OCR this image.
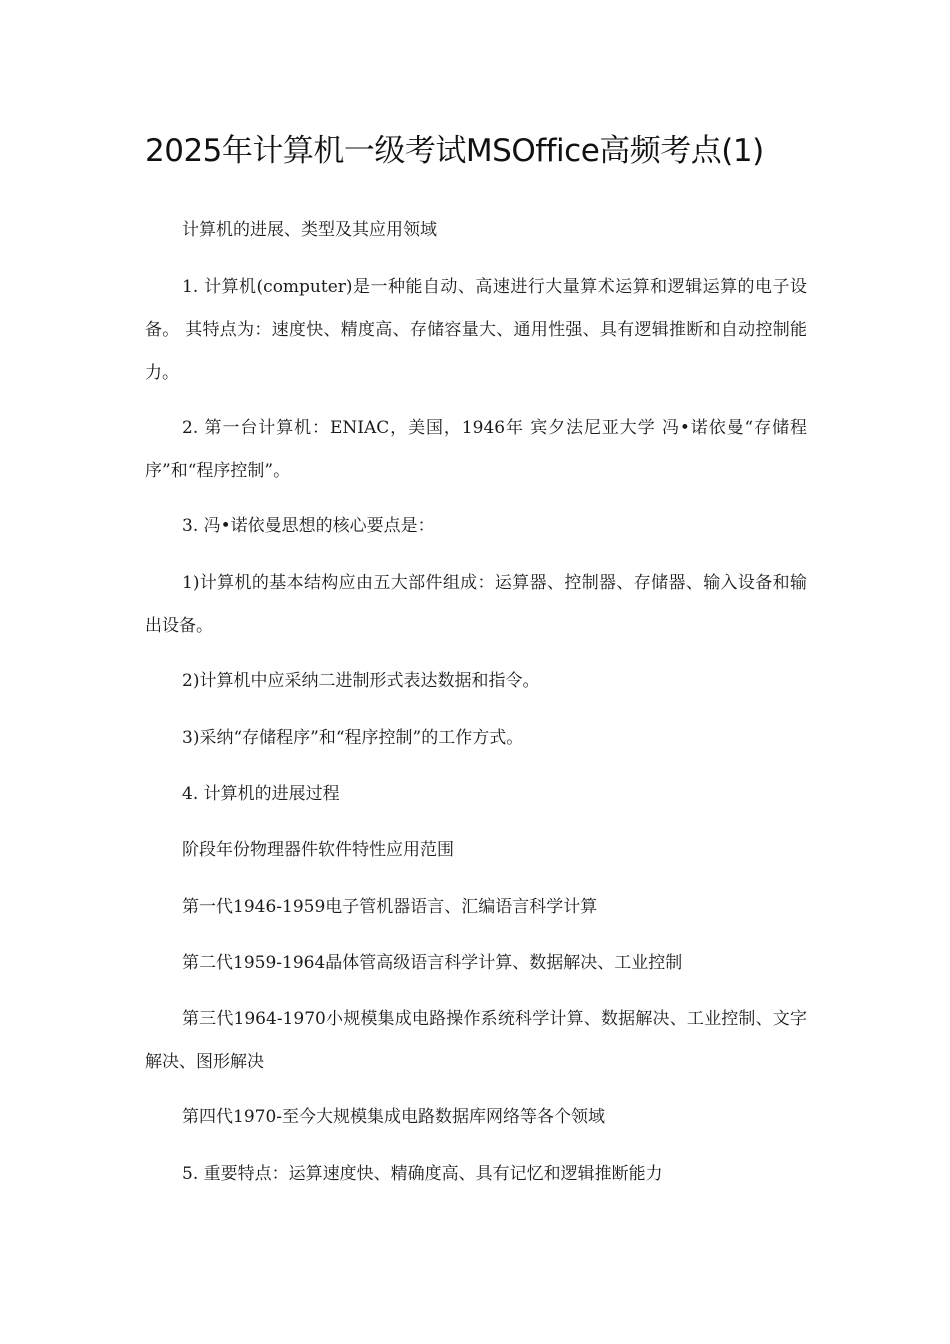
2025年计算机一级考试MSOffice高频考点(1)

计算机的进展、类型及其应用领域

1. 计算机(computer)是一种能自动、高速进行大量算术运算和逻辑运算的电子设备。 其特点为：速度快、精度高、存储容量大、通用性强、具有逻辑推断和自动控制能力。

2. 第一台计算机：ENIAC，美国，1946年 宾夕法尼亚大学 冯•诺依曼“存储程序”和“程序控制”。

3. 冯•诺依曼思想的核心要点是：

1)计算机的基本结构应由五大部件组成：运算器、控制器、存储器、输入设备和输出设备。

2)计算机中应采纳二进制形式表达数据和指令。

3)采纳“存储程序”和“程序控制”的工作方式。

4. 计算机的进展过程

阶段年份物理器件软件特性应用范围

第一代1946-1959电子管机器语言、汇编语言科学计算

第二代1959-1964晶体管高级语言科学计算、数据解决、工业控制

第三代1964-1970小规模集成电路操作系统科学计算、数据解决、工业控制、文字解决、图形解决

第四代1970-至今大规模集成电路数据库网络等各个领域

5. 重要特点：运算速度快、精确度高、具有记忆和逻辑推断能力
